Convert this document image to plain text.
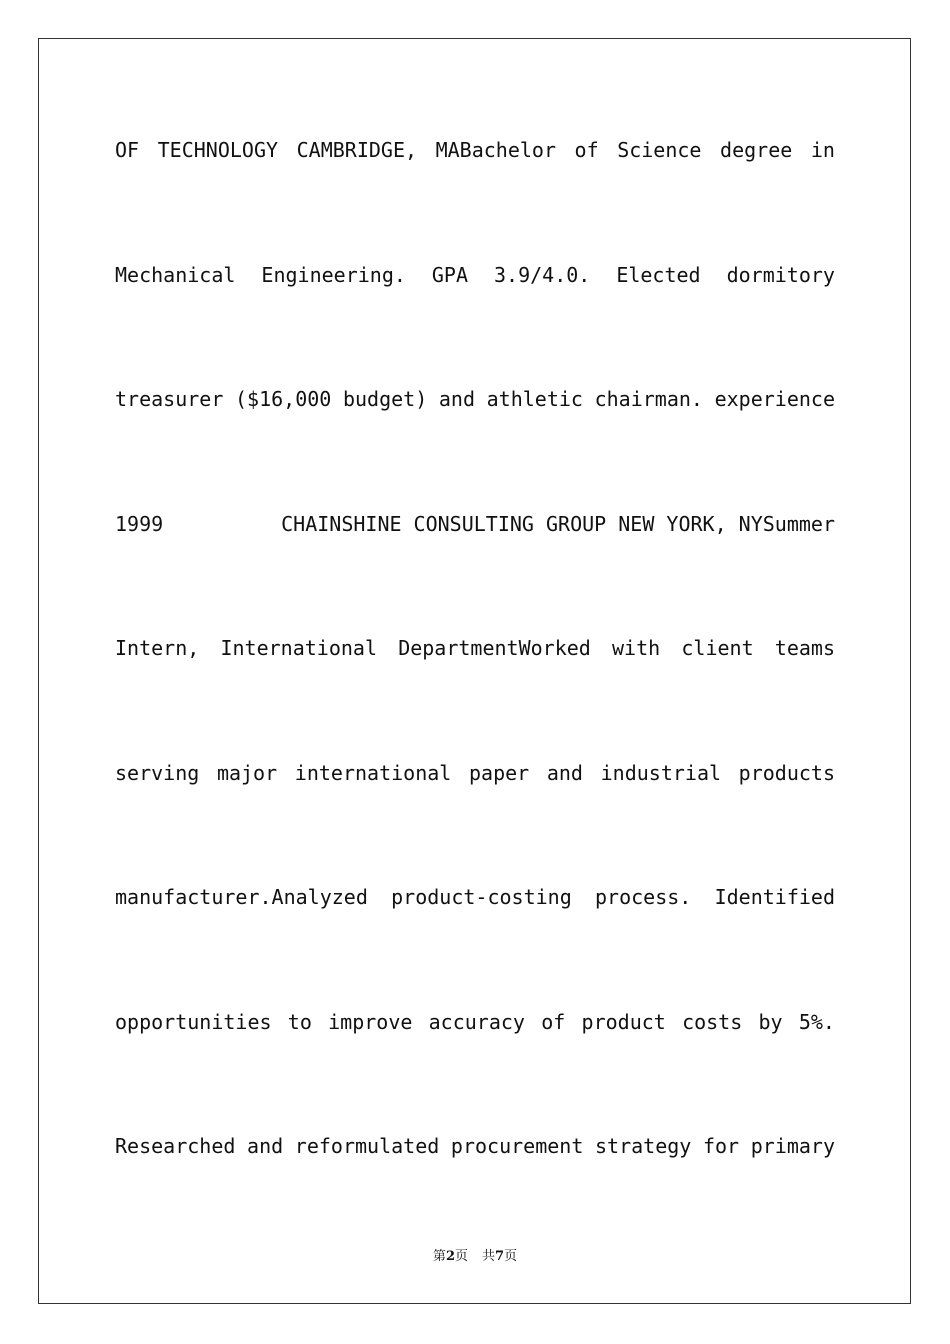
OF TECHNOLOGY CAMBRIDGE, MABachelor of Science degree in
Mechanical Engineering. GPA 3.9/4.0. Elected dormitory
treasurer ($16,000 budget) and athletic chairman. experience
1999	CHAINSHINE CONSULTING GROUP NEW YORK, NYSummer
Intern, International DepartmentWorked with client teams
serving major international paper and industrial products
manufacturer.Analyzed product-costing process. Identified
opportunities to improve accuracy of product costs by 5%.
Researched and reformulated procurement strategy for primary
第2页 共7页
